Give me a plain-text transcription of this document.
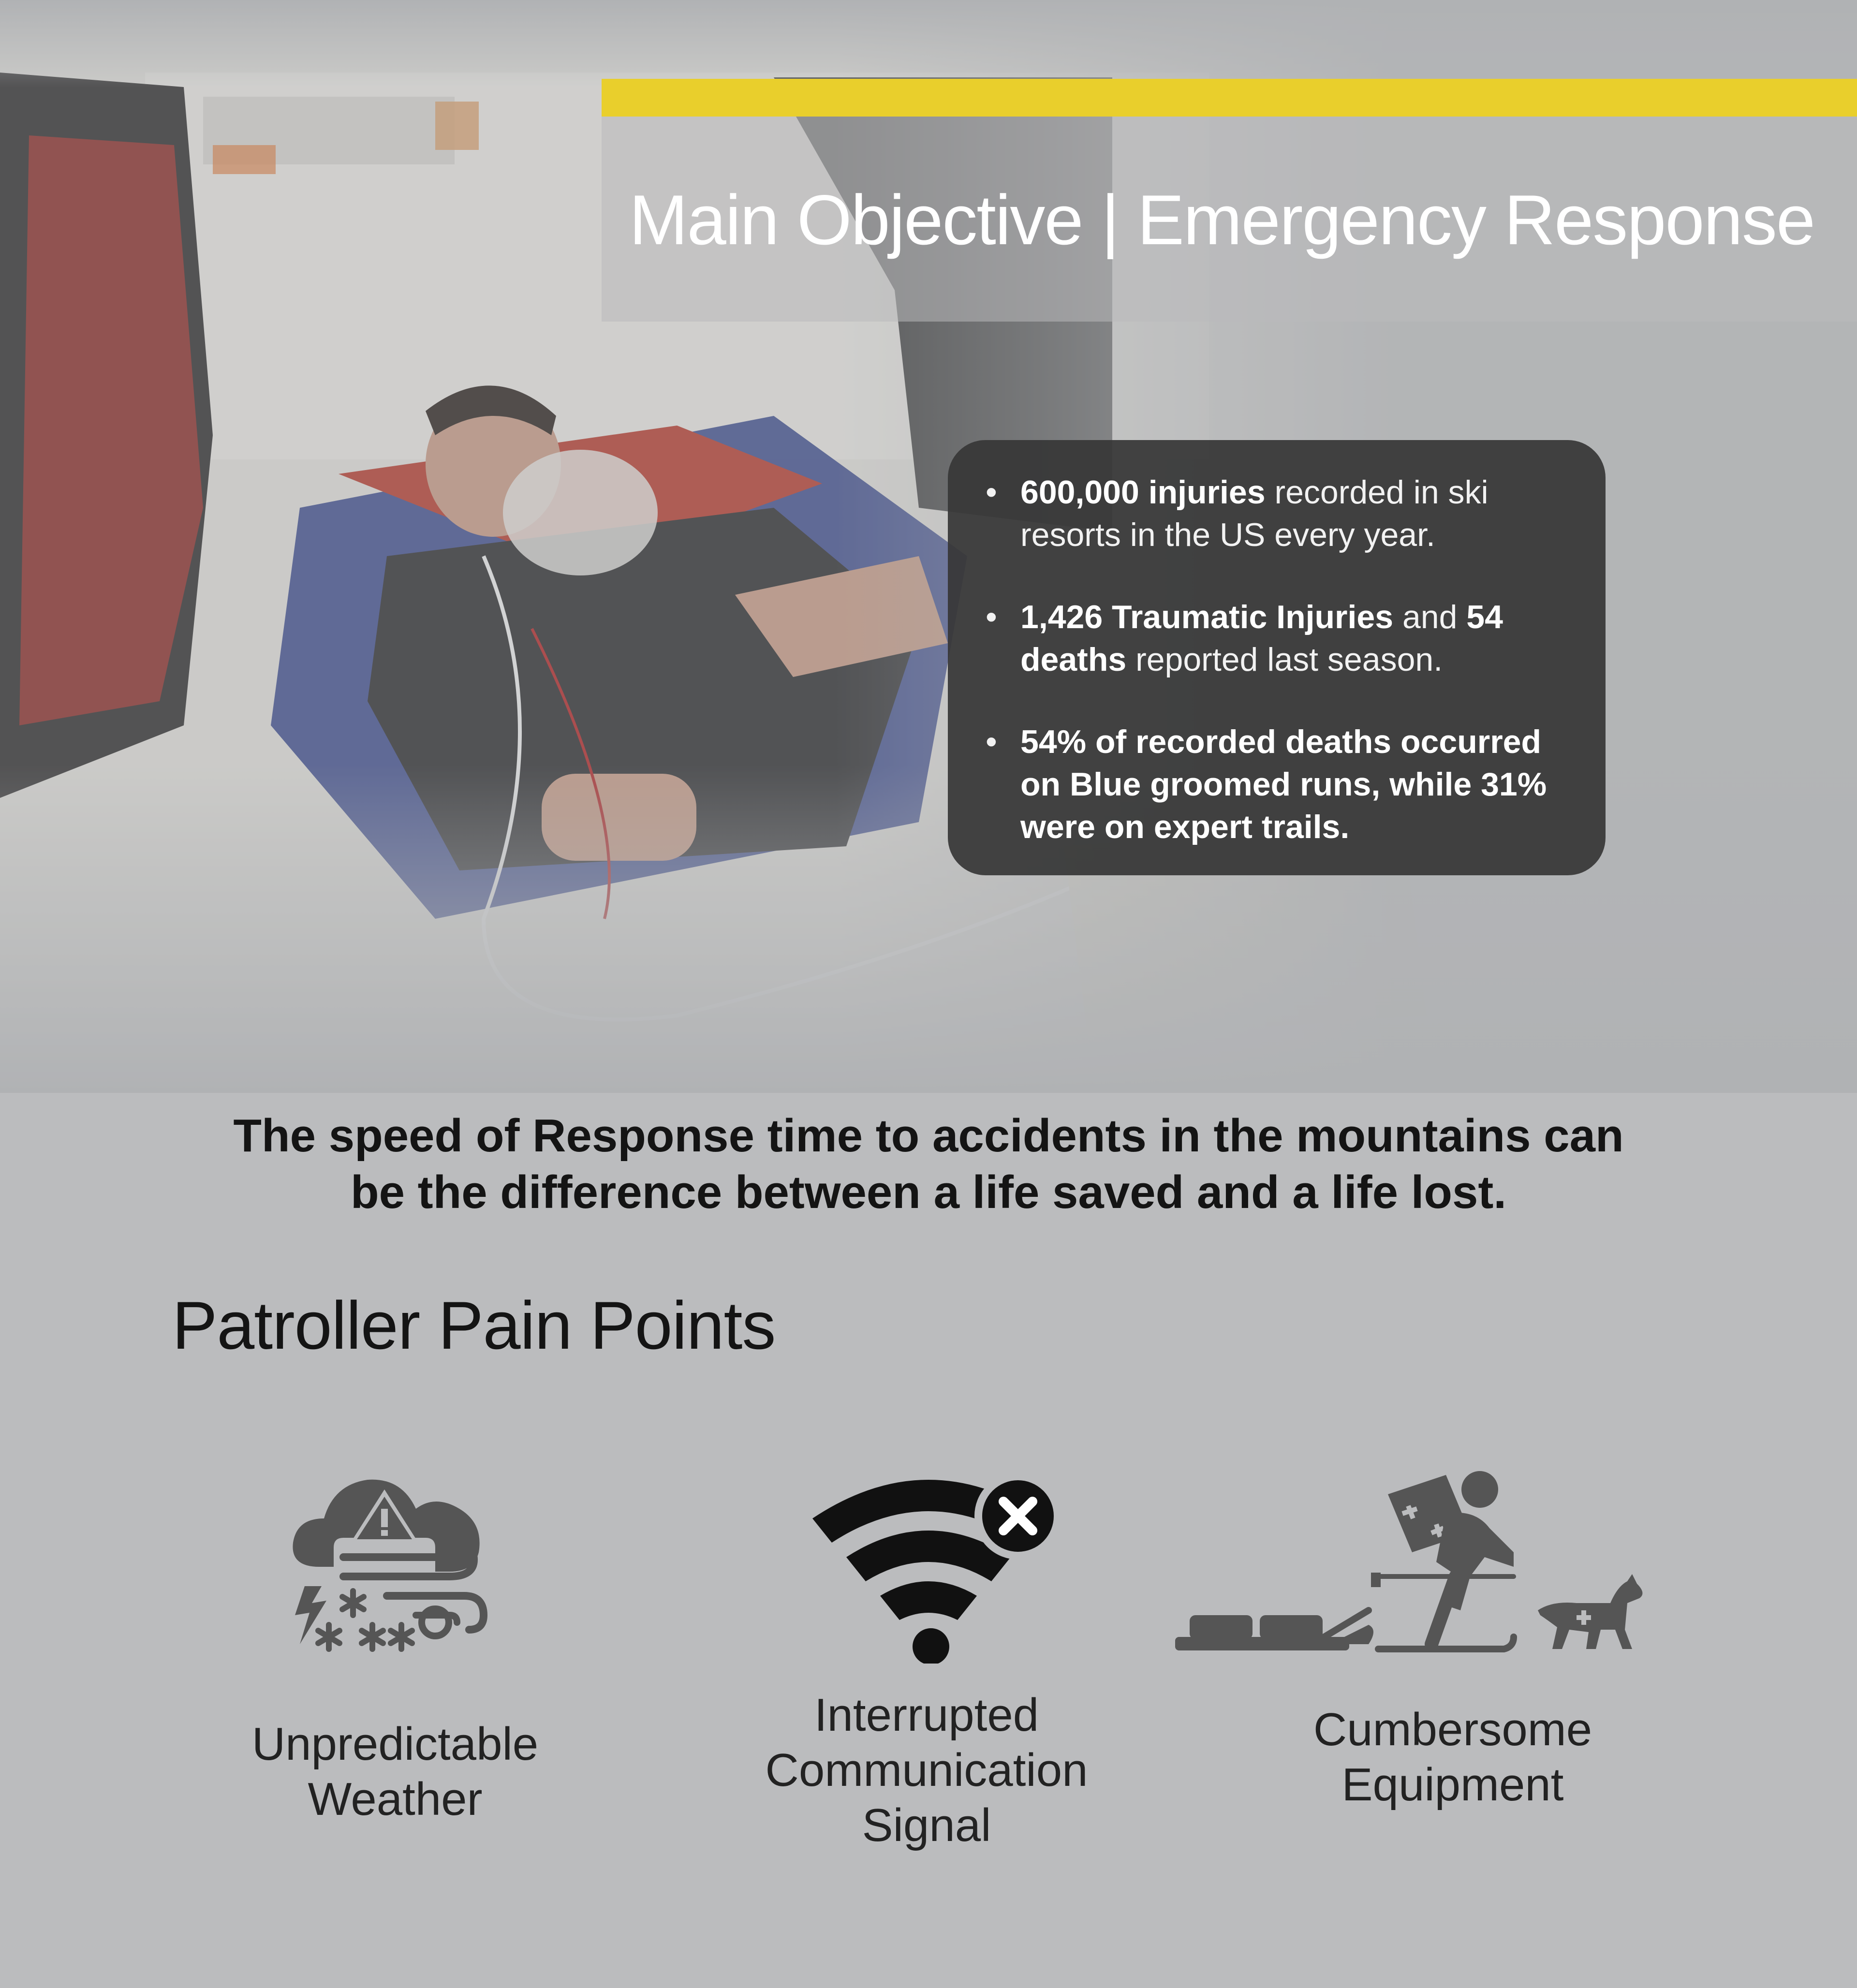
Main Objective | Emergency Response
• 600,000 injuries recorded in ski resorts in the US every year.
• 1,426 Traumatic Injuries and 54 deaths reported last season.
• 54% of recorded deaths occurred on Blue groomed runs, while 31% were on expert trails.
The speed of Response time to accidents in the mountains can
be the difference between a life saved and a life lost.
Patroller Pain Points
Unpredictable
Weather
Interrupted
Communication
Signal
Cumbersome
Equipment
